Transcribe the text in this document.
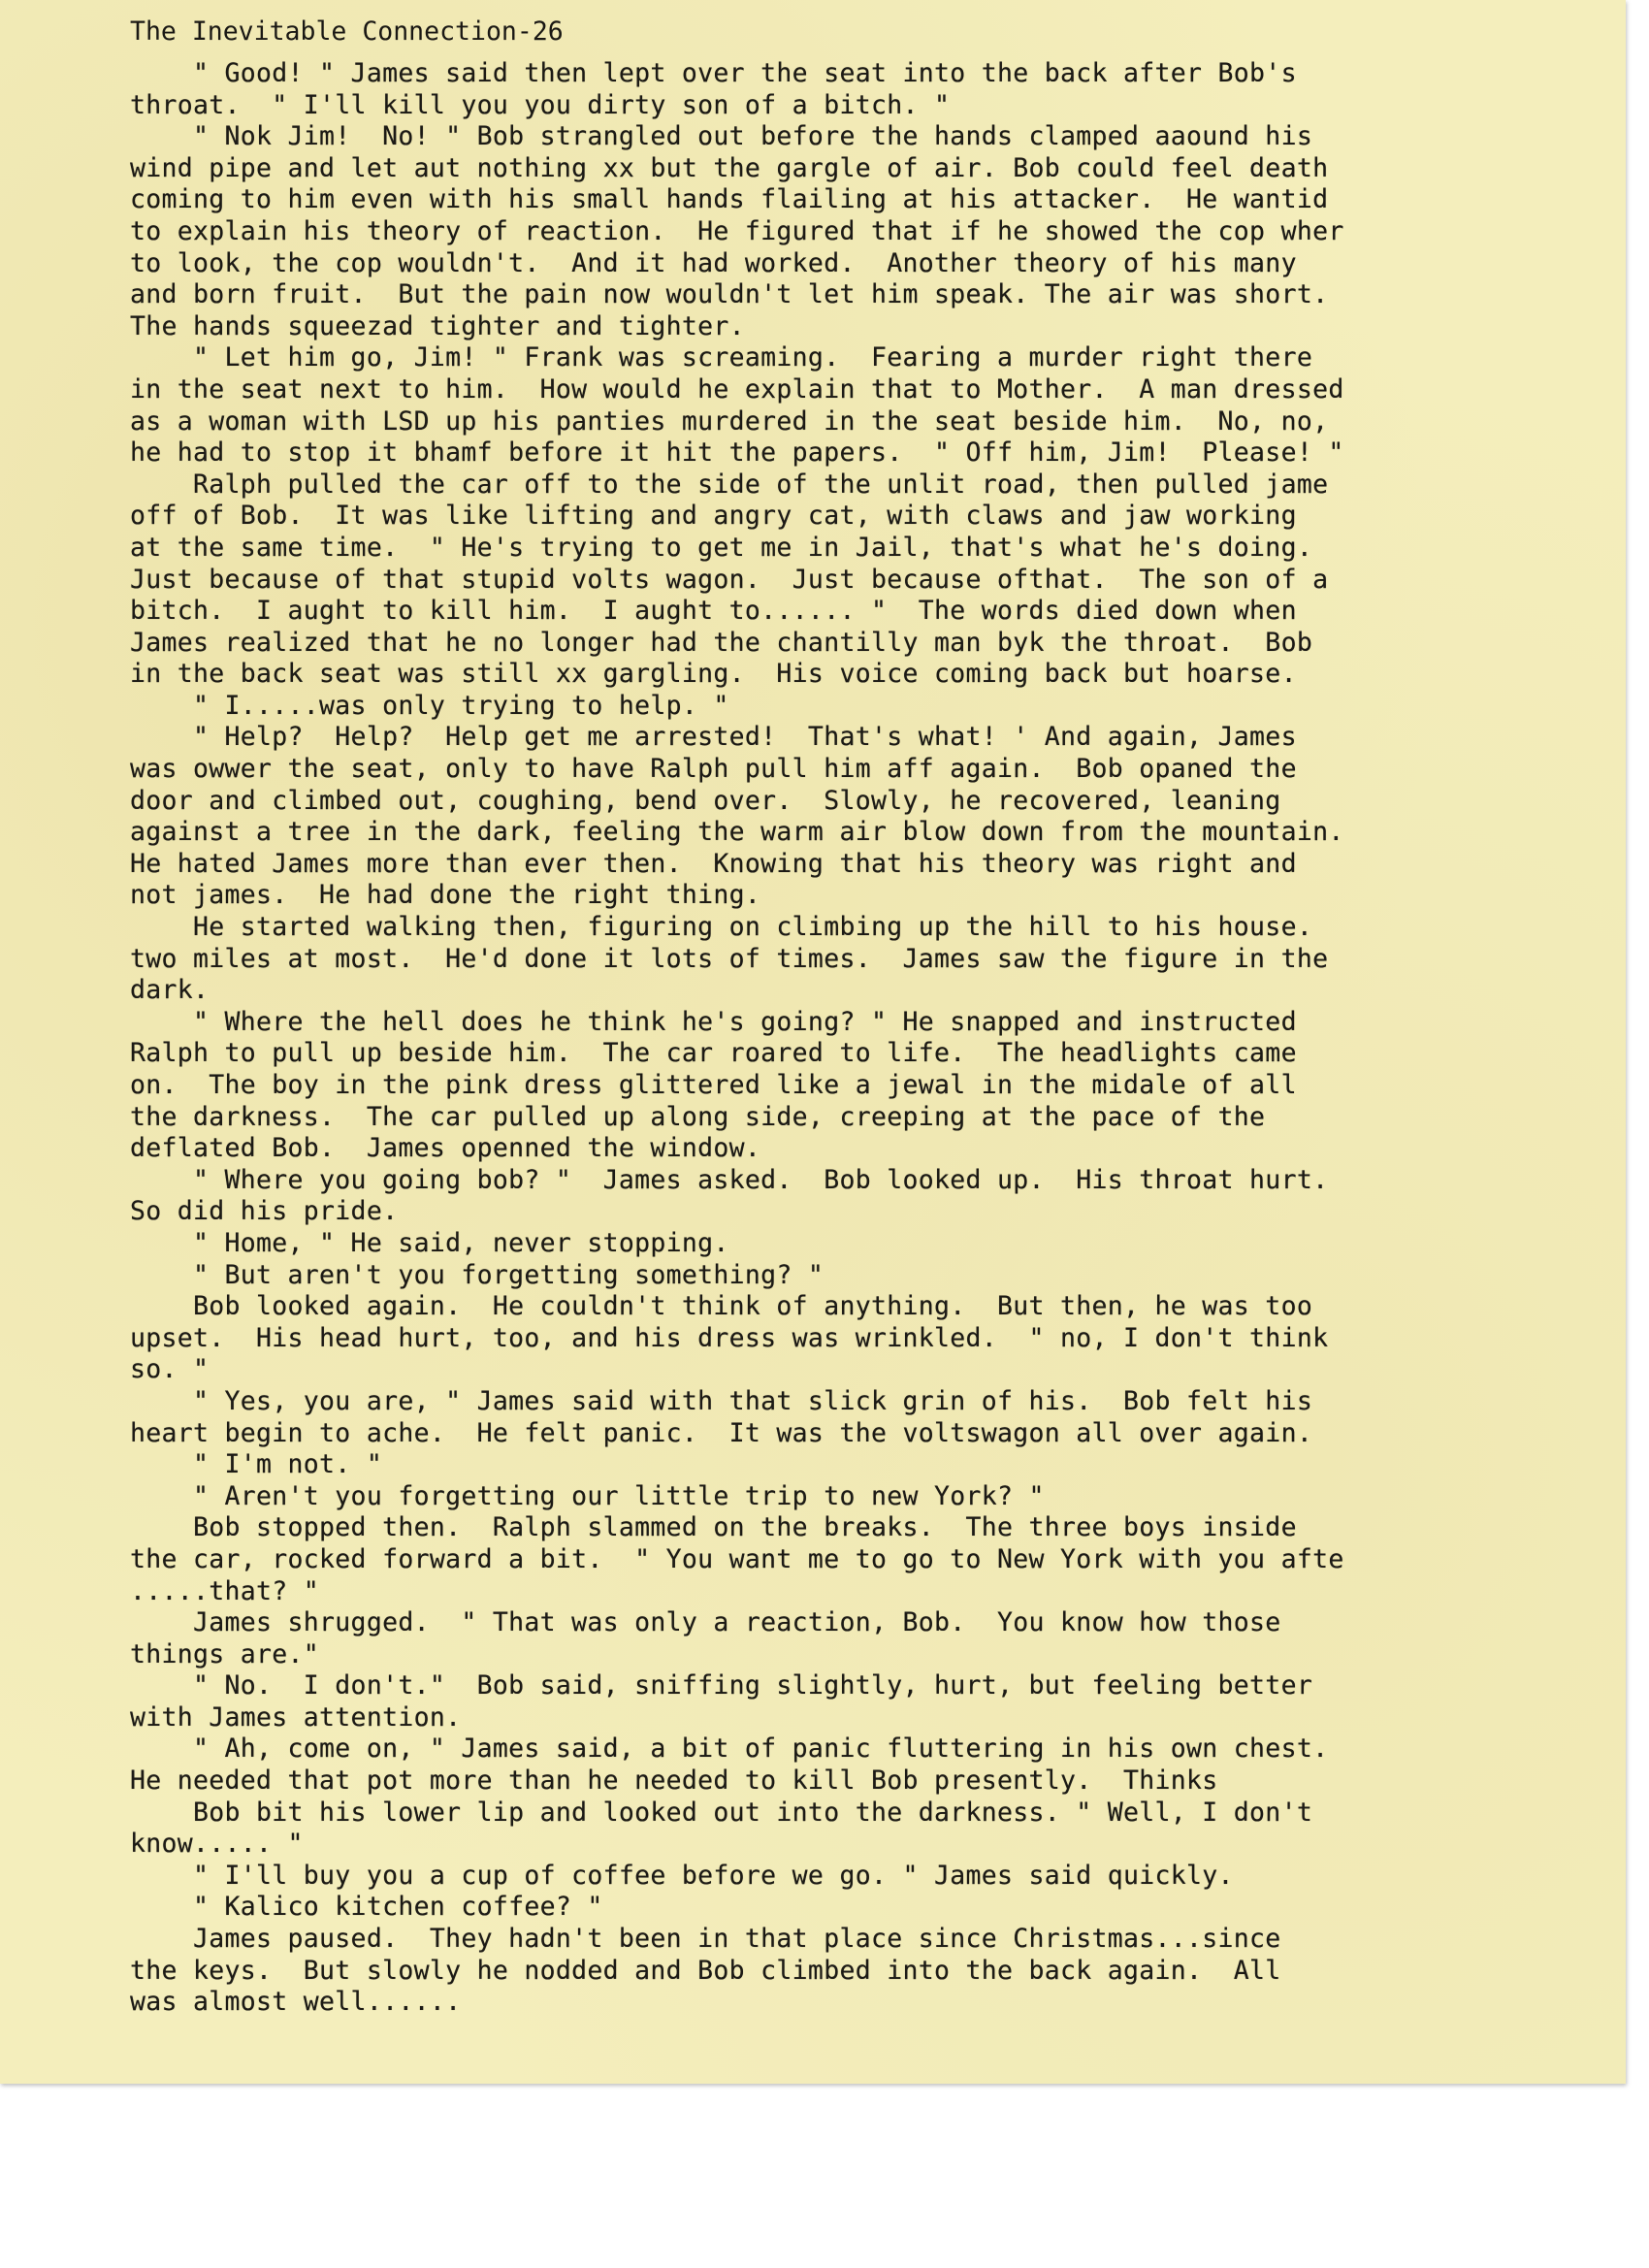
The Inevitable Connection-26
" Good! " James said then lept over the seat into the back after Bob's
throat.  " I'll kill you you dirty son of a bitch. "
" Nok Jim!  No! " Bob strangled out before the hands clamped aaound his
wind pipe and let aut nothing xx but the gargle of air. Bob could feel death
coming to him even with his small hands flailing at his attacker.  He wantid
to explain his theory of reaction.  He figured that if he showed the cop wher
to look, the cop wouldn't.  And it had worked.  Another theory of his many
and born fruit.  But the pain now wouldn't let him speak. The air was short.
The hands squeezad tighter and tighter.
" Let him go, Jim! " Frank was screaming.  Fearing a murder right there
in the seat next to him.  How would he explain that to Mother.  A man dressed
as a woman with LSD up his panties murdered in the seat beside him.  No, no,
he had to stop it bhamf before it hit the papers.  " Off him, Jim!  Please! "
Ralph pulled the car off to the side of the unlit road, then pulled jame
off of Bob.  It was like lifting and angry cat, with claws and jaw working
at the same time.  " He's trying to get me in Jail, that's what he's doing.
Just because of that stupid volts wagon.  Just because ofthat.  The son of a
bitch.  I aught to kill him.  I aught to...... "  The words died down when
James realized that he no longer had the chantilly man byk the throat.  Bob
in the back seat was still xx gargling.  His voice coming back but hoarse.
" I.....was only trying to help. "
" Help?  Help?  Help get me arrested!  That's what! ' And again, James
was owwer the seat, only to have Ralph pull him aff again.  Bob opaned the
door and climbed out, coughing, bend over.  Slowly, he recovered, leaning
against a tree in the dark, feeling the warm air blow down from the mountain.
He hated James more than ever then.  Knowing that his theory was right and
not james.  He had done the right thing.
He started walking then, figuring on climbing up the hill to his house.
two miles at most.  He'd done it lots of times.  James saw the figure in the
dark.
" Where the hell does he think he's going? " He snapped and instructed
Ralph to pull up beside him.  The car roared to life.  The headlights came
on.  The boy in the pink dress glittered like a jewal in the midale of all
the darkness.  The car pulled up along side, creeping at the pace of the
deflated Bob.  James openned the window.
" Where you going bob? "  James asked.  Bob looked up.  His throat hurt.
So did his pride.
" Home, " He said, never stopping.
" But aren't you forgetting something? "
Bob looked again.  He couldn't think of anything.  But then, he was too
upset.  His head hurt, too, and his dress was wrinkled.  " no, I don't think
so. "
" Yes, you are, " James said with that slick grin of his.  Bob felt his
heart begin to ache.  He felt panic.  It was the voltswagon all over again.
" I'm not. "
" Aren't you forgetting our little trip to new York? "
Bob stopped then.  Ralph slammed on the breaks.  The three boys inside
the car, rocked forward a bit.  " You want me to go to New York with you afte
.....that? "
James shrugged.  " That was only a reaction, Bob.  You know how those
things are."
" No.  I don't."  Bob said, sniffing slightly, hurt, but feeling better
with James attention.
" Ah, come on, " James said, a bit of panic fluttering in his own chest.
He needed that pot more than he needed to kill Bob presently.  Thinks
Bob bit his lower lip and looked out into the darkness. " Well, I don't
know..... "
" I'll buy you a cup of coffee before we go. " James said quickly.
" Kalico kitchen coffee? "
James paused.  They hadn't been in that place since Christmas...since
the keys.  But slowly he nodded and Bob climbed into the back again.  All
was almost well......
